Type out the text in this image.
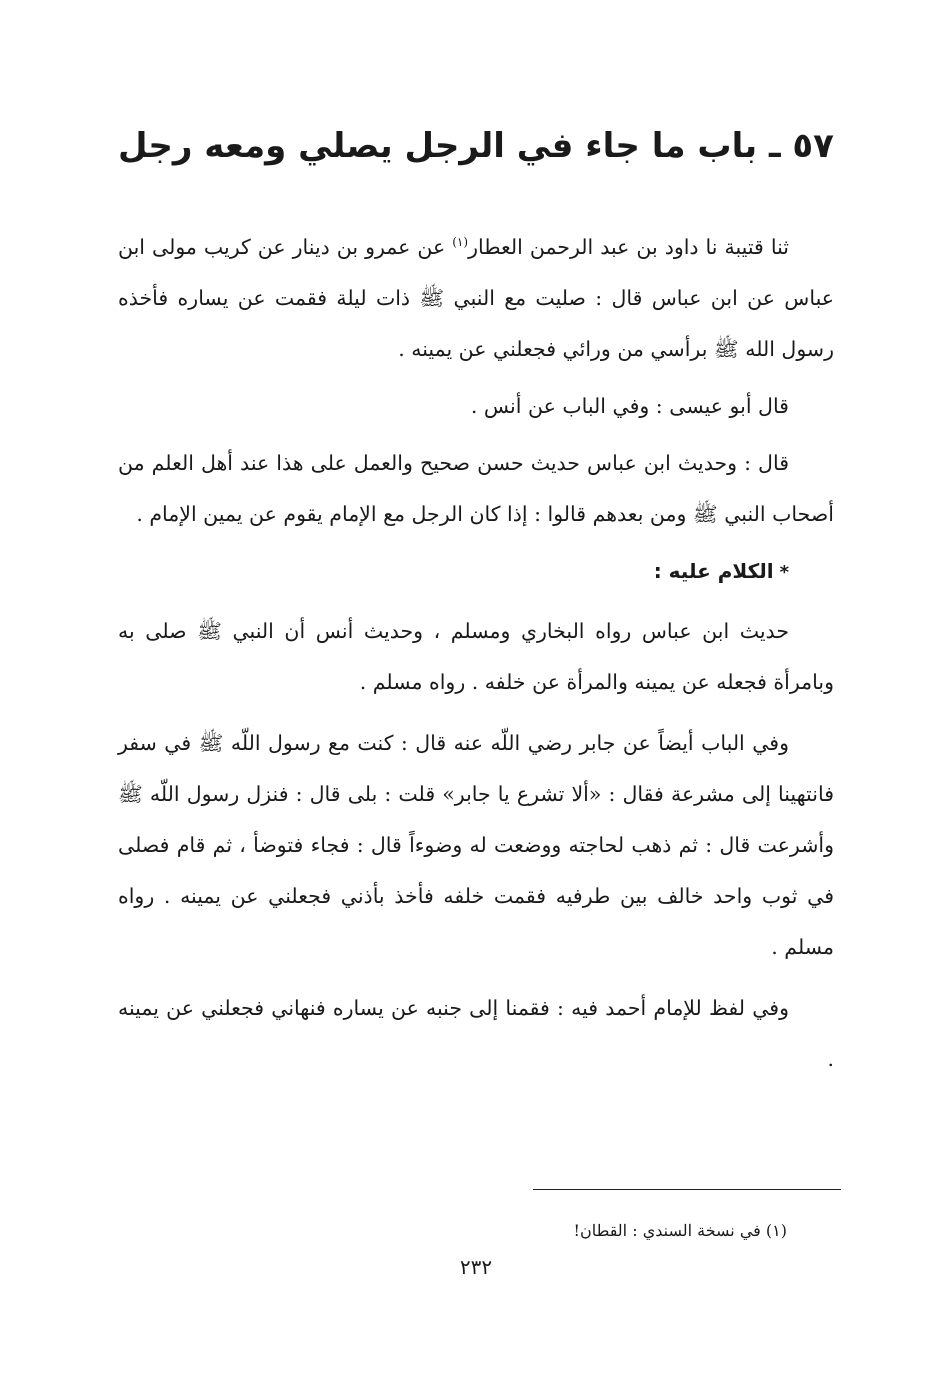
٥٧ ـ باب ما جاء في الرجل يصلي ومعه رجل

ثنا قتيبة نا داود بن عبد الرحمن العطار$^{(١)}$ عن عمرو بن دينار عن كريب مولى ابن عباس عن ابن عباس قال : صليت مع النبي ﷺ ذات ليلة فقمت عن يساره فأخذه رسول الله ﷺ برأسي من ورائي فجعلني عن يمينه .

قال أبو عيسى : وفي الباب عن أنس .

قال : وحديث ابن عباس حديث حسن صحيح والعمل على هذا عند أهل العلم من أصحاب النبي ﷺ ومن بعدهم قالوا : إذا كان الرجل مع الإمام يقوم عن يمين الإمام .

*الكلام عليه :

حديث ابن عباس رواه البخاري ومسلم ، وحديث أنس أن النبي ﷺ صلى به وبامرأة فجعله عن يمينه والمرأة عن خلفه . رواه مسلم .

وفي الباب أيضاً عن جابر رضي اللّه عنه قال : كنت مع رسول اللّه ﷺ في سفر فانتهينا إلى مشرعة فقال : «ألا تشرع يا جابر» قلت : بلى قال : فنزل رسول اللّه ﷺ وأشرعت قال : ثم ذهب لحاجته ووضعت له وضوءاً قال : فجاء فتوضأ ، ثم قام فصلى في ثوب واحد خالف بين طرفيه فقمت خلفه فأخذ بأذني فجعلني عن يمينه . رواه مسلم .

وفي لفظ للإمام أحمد فيه : فقمنا إلى جنبه عن يساره فنهاني فجعلني عن يمينه .

(١) في نسخة السندي : القطان!

٢٣٢
